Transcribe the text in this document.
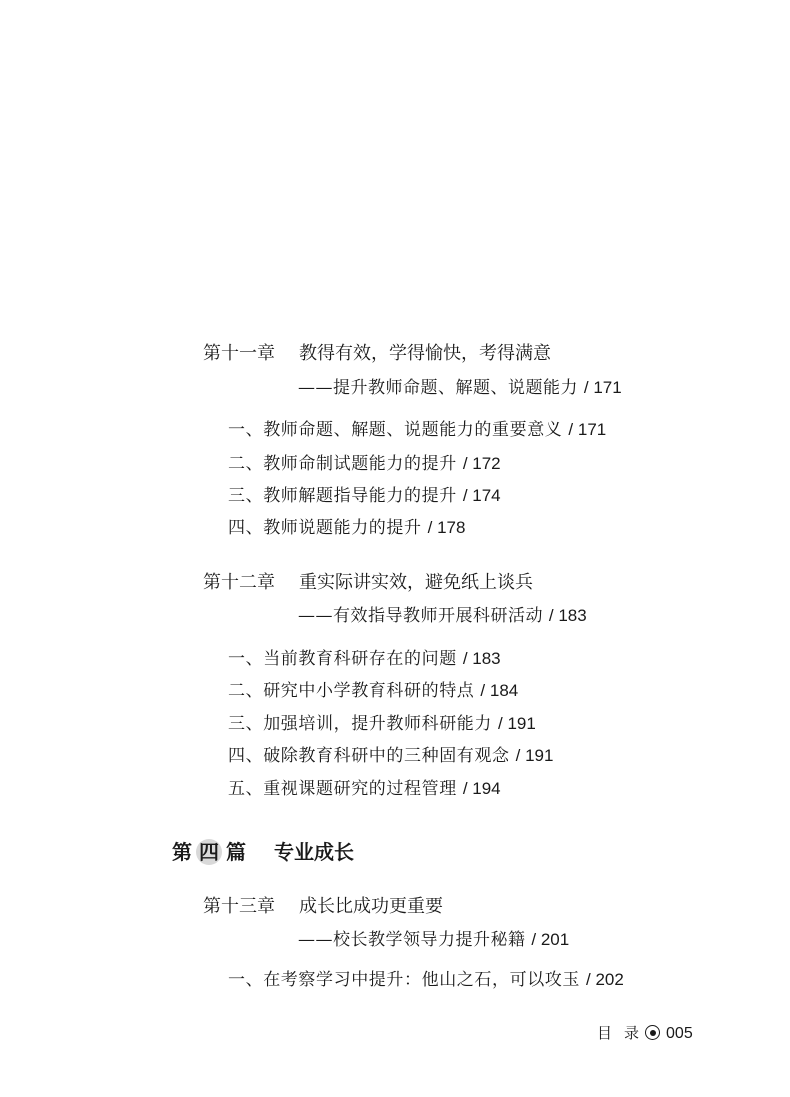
第十一章 教得有效，学得愉快，考得满意
——提升教师命题、解题、说题能力 / 171
一、教师命题、解题、说题能力的重要意义 / 171
二、教师命制试题能力的提升 / 172
三、教师解题指导能力的提升 / 174
四、教师说题能力的提升 / 178
第十二章 重实际讲实效，避免纸上谈兵
——有效指导教师开展科研活动 / 183
一、当前教育科研存在的问题 / 183
二、研究中小学教育科研的特点 / 184
三、加强培训，提升教师科研能力 / 191
四、破除教育科研中的三种固有观念 / 191
五、重视课题研究的过程管理 / 194
第 四 篇 专业成长
第十三章 成长比成功更重要
——校长教学领导力提升秘籍 / 201
一、在考察学习中提升：他山之石，可以攻玉 / 202
目 录 005
